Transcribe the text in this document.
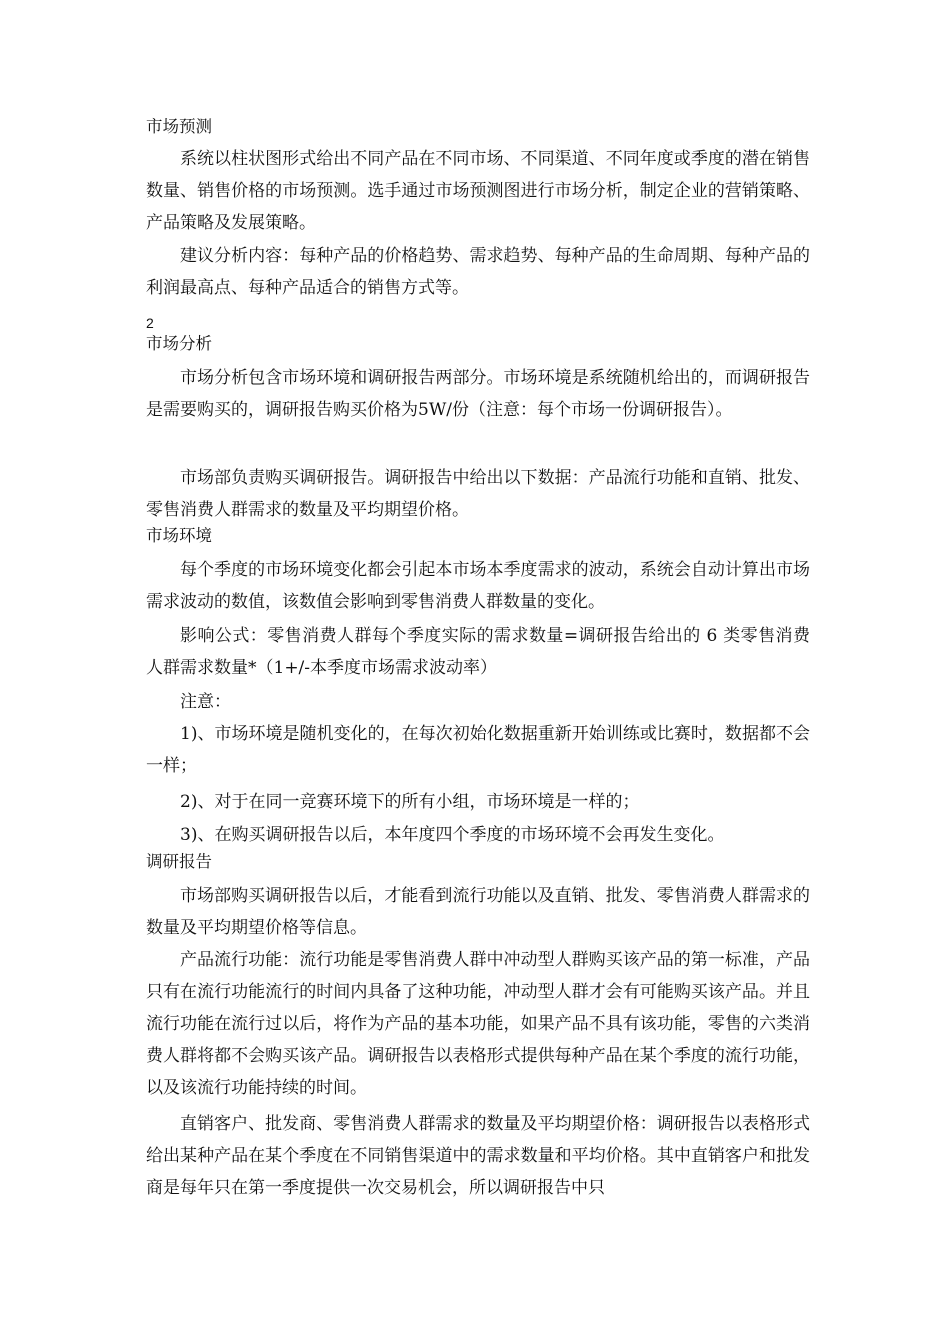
市场预测

系统以柱状图形式给出不同产品在不同市场、不同渠道、不同年度或季度的潜在销售数量、销售价格的市场预测。选手通过市场预测图进行市场分析，制定企业的营销策略、产品策略及发展策略。

建议分析内容：每种产品的价格趋势、需求趋势、每种产品的生命周期、每种产品的利润最高点、每种产品适合的销售方式等。

2
市场分析

市场分析包含市场环境和调研报告两部分。市场环境是系统随机给出的，而调研报告是需要购买的，调研报告购买价格为5W/份（注意：每个市场一份调研报告）。

市场部负责购买调研报告。调研报告中给出以下数据：产品流行功能和直销、批发、零售消费人群需求的数量及平均期望价格。

市场环境

每个季度的市场环境变化都会引起本市场本季度需求的波动，系统会自动计算出市场需求波动的数值，该数值会影响到零售消费人群数量的变化。

影响公式：零售消费人群每个季度实际的需求数量=调研报告给出的 6 类零售消费人群需求数量*（1+/-本季度市场需求波动率）

注意：

1)、市场环境是随机变化的，在每次初始化数据重新开始训练或比赛时，数据都不会一样；

2)、对于在同一竞赛环境下的所有小组，市场环境是一样的；

3)、在购买调研报告以后，本年度四个季度的市场环境不会再发生变化。

调研报告

市场部购买调研报告以后，才能看到流行功能以及直销、批发、零售消费人群需求的数量及平均期望价格等信息。

产品流行功能：流行功能是零售消费人群中冲动型人群购买该产品的第一标准，产品只有在流行功能流行的时间内具备了这种功能，冲动型人群才会有可能购买该产品。并且流行功能在流行过以后，将作为产品的基本功能，如果产品不具有该功能，零售的六类消费人群将都不会购买该产品。调研报告以表格形式提供每种产品在某个季度的流行功能，以及该流行功能持续的时间。

直销客户、批发商、零售消费人群需求的数量及平均期望价格：调研报告以表格形式给出某种产品在某个季度在不同销售渠道中的需求数量和平均价格。其中直销客户和批发商是每年只在第一季度提供一次交易机会，所以调研报告中只
